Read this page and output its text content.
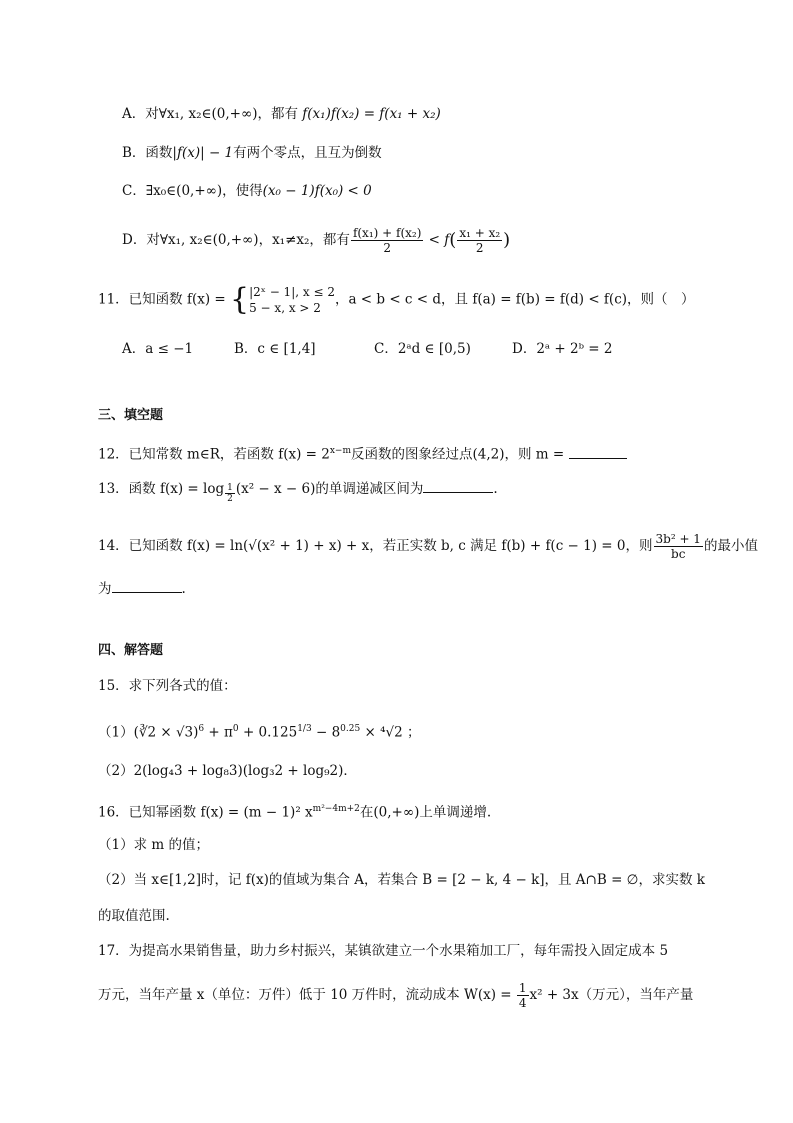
A．对∀x₁, x₂∈(0,+∞)，都有 f(x₁)f(x₂) = f(x₁ + x₂)
B．函数|f(x)| − 1有两个零点，且互为倒数
C．∃x₀∈(0,+∞)，使得(x₀ − 1)f(x₀) < 0
D．对∀x₁, x₂∈(0,+∞)，x₁≠x₂，都有 $\frac{\text{f(x₁) + f(x₂)}}{2} < f( \frac{\text{x₁ + x₂}}{2}$ )
11．已知函数 f(x) = { |2ˣ − 1|, x ≤ 2
5 − x, x > 2
，a < b < c < d，且 f(a) = f(b) = f(d) < f(c)，则（　）
A．a ≤ −1	B．c ∈ [1,4]	C．2ᵃd ∈ [0,5)	D．2ᵃ + 2ᵇ = 2
三、填空题
12．已知常数 m∈R，若函数 $f(x) = 2^{x-m}$反函数的图象经过点(4,2)，则 m =
13．函数 $f(x) = \log \frac{1}{2} (x^2 - x - 6)$的单调递减区间为	.
14．已知函数 f(x) = ln(√(x² + 1) + x) + x，若正实数 b, c 满足 f(b) + f(c − 1) = 0，则 $\frac{\text{3b² + 1}}{bc}$ 的最小值
为	.
四、解答题
15．求下列各式的值：
（1）(∛2 × $√3)^6 + \pi^0 + 0.125^{1/3} - 8^{0.25} \times ^4√2$ ；
（2）2(log₄3 + log₈3)(log₃2 + log₉2)．
16．已知幂函数 f(x) = (m − 1)² $x^{m^2-4m+2}$在(0,+∞)上单调递增.
（1）求 m 的值；
（2）当 x∈[1,2]时，记 f(x)的值域为集合 A，若集合 B = [2 − k, 4 − k]，且 A∩B = ∅，求实数 k
的取值范围.
17．为提高水果销售量，助力乡村振兴，某镇欲建立一个水果箱加工厂，每年需投入固定成本 5
万元，当年产量 x（单位：万件）低于 10 万件时，流动成本 $W(x) = \frac{1}{4} x^2 + 3x$（万元），当年产量
